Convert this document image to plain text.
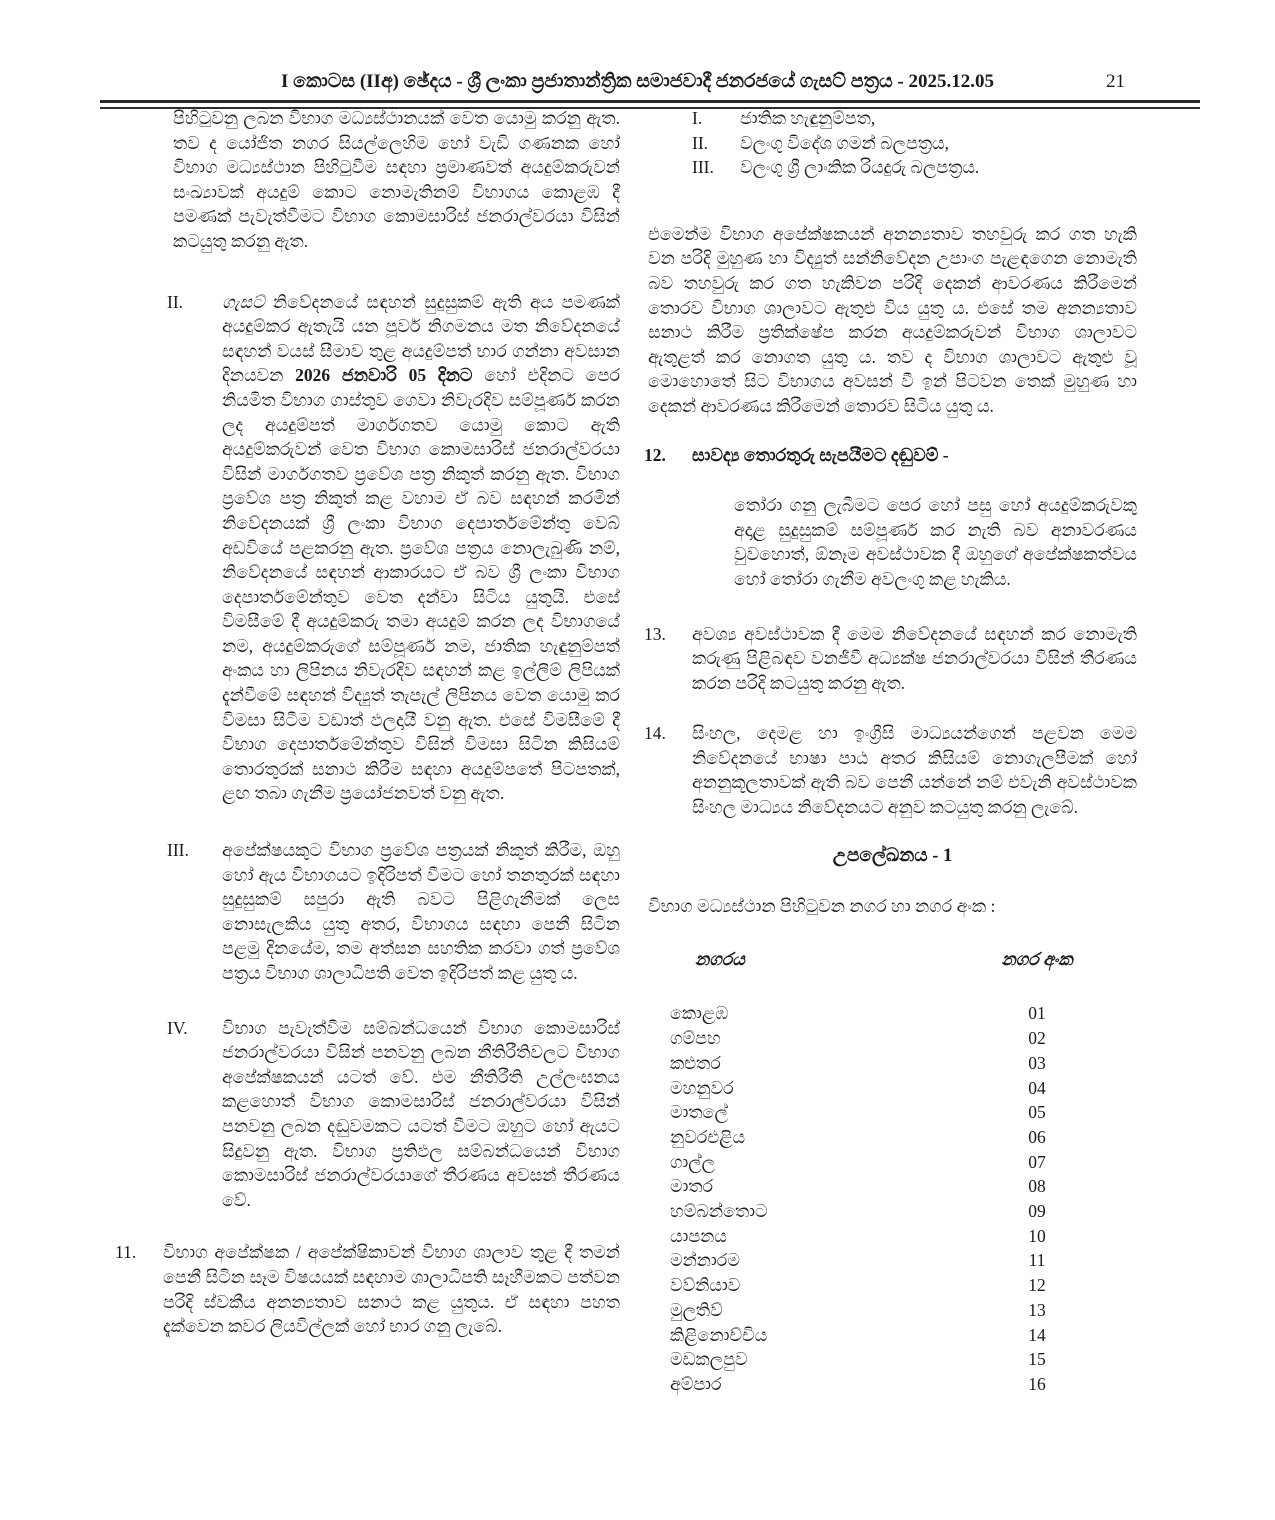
I කොටස (IIඅ) ඡේදය - ශ්‍රී ලංකා ප්‍රජාතාන්ත්‍රික සමාජවාදී ජනරජයේ ගැසට් පත්‍රය - 2025.12.05	21
පිහිටුවනු ලබන විභාග මධ්‍යස්ථානයක් වෙත යොමු කරනු ඇත. තව ද යෝජිත නගර සියල්ලෙහිම හෝ වැඩි ගණනක හෝ විභාග මධ්‍යස්ථාන පිහිටුවීම සඳහා ප්‍රමාණවත් අයදුම්කරුවන් සංඛ්‍යාවක් අයදුම් කොට නොමැතිනම් විභාගය කොළඹ දී පමණක් පැවැත්වීමට විභාග කොමසාරිස් ජනරාල්වරයා විසින් කටයුතු කරනු ඇත.
II. ගැසට් නිවේදනයේ සඳහන් සුදුසුකම් ඇති අය පමණක් අයදුම්කර ඇතැයි යන පූර්ව නිගමනය මත නිවේදනයේ සඳහන් වයස් සීමාව තුළ අයදුම්පත් භාර ගන්නා අවසාන දිනයවන 2026 ජනවාරි 05 දිනට හෝ එදිනට පෙර නියමිත විභාග ගාස්තුව ගෙවා නිවැරදිව සම්පූර්ණ කරන ලද අයදුම්පත් මාර්ගගතව යොමු කොට ඇති අයදුම්කරුවන් වෙත විභාග කොමසාරිස් ජනරාල්වරයා විසින් මාර්ගගතව ප්‍රවේශ පත්‍ර නිකුත් කරනු ඇත. විභාග ප්‍රවේශ පත්‍ර නිකුත් කළ වහාම ඒ බව සඳහන් කරමින් නිවේදනයක් ශ්‍රී ලංකා විභාග දෙපාර්තමේන්තු වෙබ් අඩවියේ පළකරනු ඇත. ප්‍රවේශ පත්‍රය නොලැබුණි නම්, නිවේදනයේ සඳහන් ආකාරයට ඒ බව ශ්‍රී ලංකා විභාග දෙපාර්තමේන්තුව වෙත දන්වා සිටිය යුතුයි. එසේ විමසීමේ දී අයදුම්කරු තමා අයදුම් කරන ලද විභාගයේ නම, අයදුම්කරුගේ සම්පූර්ණ නම, ජාතික හැඳුනුම්පත් අංකය හා ලිපිනය නිවැරදිව සඳහන් කළ ඉල්ලීම් ලිපියක් දැන්වීමේ සඳහන් විද්‍යුත් තැපැල් ලිපිනය වෙත යොමු කර විමසා සිටීම වඩාත් ඵලදායී වනු ඇත. එසේ විමසීමේ දී විභාග දෙපාර්තමේන්තුව විසින් විමසා සිටින කිසියම් තොරතුරක් සනාථ කිරීම සඳහා අයදුම්පතේ පිටපතක්, ළඟ තබා ගැනීම ප්‍රයෝජනවත් වනු ඇත.
III. අපේක්ෂයකුට විභාග ප්‍රවේශ පත්‍රයක් නිකුත් කිරීම, ඔහු හෝ ඇය විභාගයට ඉදිරිපත් වීමට හෝ තනතුරක් සඳහා සුදුසුකම් සපුරා ඇති බවට පිළිගැනීමක් ලෙස නොසැලකිය යුතු අතර, විභාගය සඳහා පෙනී සිටින පළමු දිනයේම, තම අත්සන සහතික කරවා ගත් ප්‍රවේශ පත්‍රය විභාග ශාලාධිපති වෙත ඉදිරිපත් කළ යුතු ය.
IV. විභාග පැවැත්වීම සම්බන්ධයෙන් විභාග කොමසාරිස් ජනරාල්වරයා විසින් පනවනු ලබන නීතිරීතිවලට විභාග අපේක්ෂකයන් යටත් වේ. එම නීතිරීති උල්ලංඝනය කළහොත් විභාග කොමසාරිස් ජනරාල්වරයා විසින් පනවනු ලබන දඬුවමකට යටත් වීමට ඔහුට හෝ ඇයට සිදුවනු ඇත. විභාග ප්‍රතිඵල සම්බන්ධයෙන් විභාග කොමසාරිස් ජනරාල්වරයාගේ තීරණය අවසන් තීරණය වේ.
11. විභාග අපේක්ෂක / අපේක්ෂිකාවන් විභාග ශාලාව තුළ දී තමන් පෙනී සිටින සෑම විෂයයක් සඳහාම ශාලාධිපති සෑහීමකට පත්වන පරිදි ස්වකීය අනන්‍යතාව සනාථ කළ යුතුය. ඒ සඳහා පහත දැක්වෙන කවර ලියවිල්ලක් හෝ භාර ගනු ලැබේ.
I. ජාතික හැඳුනුම්පත,
II. වලංගු විදේශ ගමන් බලපත්‍රය,
III. වලංගු ශ්‍රී ලාංකික රියදුරු බලපත්‍රය.
එමෙන්ම විභාග අපේක්ෂකයන් අනන්‍යතාව තහවුරු කර ගත හැකි වන පරිදි මුහුණ හා විද්‍යුත් සන්නිවේදන උපාංග පැළඳගෙන නොමැති බව තහවුරු කර ගත හැකිවන පරිදි දෙකන් ආවරණය කිරීමෙන් තොරව විභාග ශාලාවට ඇතුළු විය යුතු ය. එසේ තම අනන්‍යතාව සනාථ කිරීම ප්‍රතික්ෂේප කරන අයදුම්කරුවන් විභාග ශාලාවට ඇතුළත් කර නොගත යුතු ය. තව ද විභාග ශාලාවට ඇතුළු වූ මොහොතේ සිට විභාගය අවසන් වී ඉන් පිටවන තෙක් මුහුණ හා දෙකන් ආවරණය කිරීමෙන් තොරව සිටිය යුතු ය.
12. සාවද්‍ය තොරතුරු සැපයීමට දඬුවම් -
තෝරා ගනු ලැබීමට පෙර හෝ පසු හෝ අයදුම්කරුවකු අදාළ සුදුසුකම් සම්පූර්ණ කර නැති බව අනාවරණය වුවහොත්, ඕනෑම අවස්ථාවක දී ඔහුගේ අපේක්ෂකත්වය හෝ තෝරා ගැනීම අවලංගු කළ හැකිය.
13. අවශ්‍ය අවස්ථාවක දී මෙම නිවේදනයේ සඳහන් කර නොමැති කරුණු පිළිබඳව වනජීවී අධ්‍යක්ෂ ජනරාල්වරයා විසින් තීරණය කරන පරිදි කටයුතු කරනු ඇත.
14. සිංහල, දෙමළ හා ඉංග්‍රීසි මාධ්‍යයන්ගෙන් පළවන මෙම නිවේදනයේ භාෂා පාඨ අතර කිසියම් නොගැලපීමක් හෝ අනනුකූලතාවක් ඇති බව පෙනී යන්නේ නම් එවැනි අවස්ථාවක සිංහල මාධ්‍යය නිවේදනයට අනුව කටයුතු කරනු ලැබේ.
උපලේඛනය - 1
විභාග මධ්‍යස්ථාන පිහිටුවන නගර හා නගර අංක :
නගරය	නගර අංක
කොළඹ	01
ගම්පහ	02
කළුතර	03
මහනුවර	04
මාතලේ	05
නුවරඑළිය	06
ගාල්ල	07
මාතර	08
හම්බන්තොට	09
යාපනය	10
මන්නාරම	11
වව්නියාව	12
මුලතිව්	13
කිළිනොච්චිය	14
මඩකලපුව	15
අම්පාර	16
